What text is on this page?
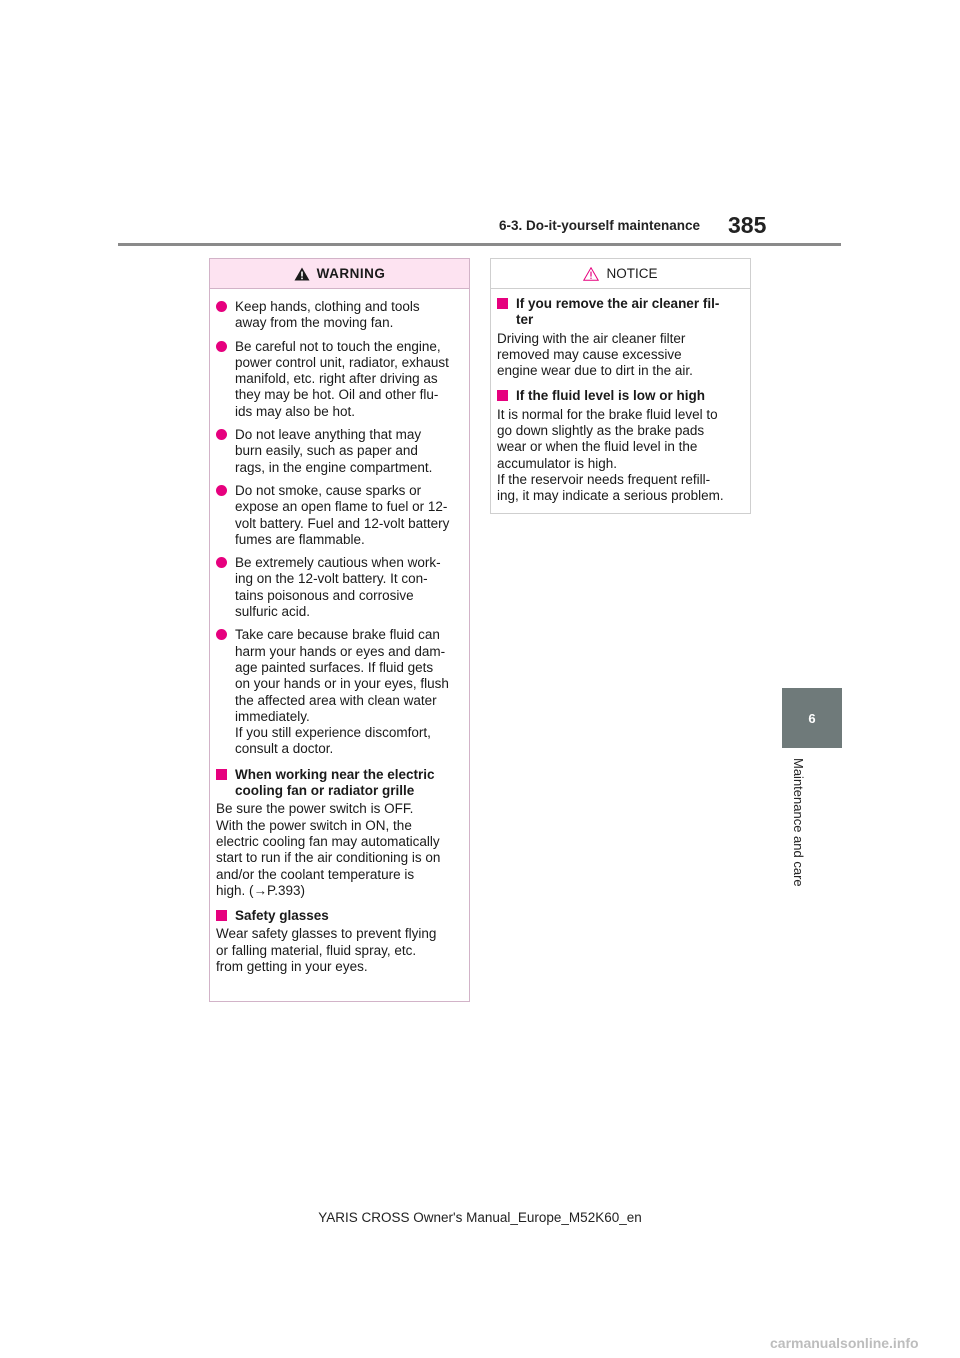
6-3. Do-it-yourself maintenance 385
6
Maintenance and care
WARNING
Keep hands, clothing and tools
away from the moving fan.
Be careful not to touch the engine,
power control unit, radiator, exhaust
manifold, etc. right after driving as
they may be hot. Oil and other flu-
ids may also be hot.
Do not leave anything that may
burn easily, such as paper and
rags, in the engine compartment.
Do not smoke, cause sparks or
expose an open flame to fuel or 12-
volt battery. Fuel and 12-volt battery
fumes are flammable.
Be extremely cautious when work-
ing on the 12-volt battery. It con-
tains poisonous and corrosive
sulfuric acid.
Take care because brake fluid can
harm your hands or eyes and dam-
age painted surfaces. If fluid gets
on your hands or in your eyes, flush
the affected area with clean water
immediately.
If you still experience discomfort,
consult a doctor.
When working near the electric
cooling fan or radiator grille
Be sure the power switch is OFF.
With the power switch in ON, the
electric cooling fan may automatically
start to run if the air conditioning is on
and/or the coolant temperature is
high. (→P.393)
Safety glasses
Wear safety glasses to prevent flying
or falling material, fluid spray, etc.
from getting in your eyes.
NOTICE
If you remove the air cleaner fil-
ter
Driving with the air cleaner filter
removed may cause excessive
engine wear due to dirt in the air.
If the fluid level is low or high
It is normal for the brake fluid level to
go down slightly as the brake pads
wear or when the fluid level in the
accumulator is high.
If the reservoir needs frequent refill-
ing, it may indicate a serious problem.
YARIS CROSS Owner's Manual_Europe_M52K60_en
carmanualsonline.info
